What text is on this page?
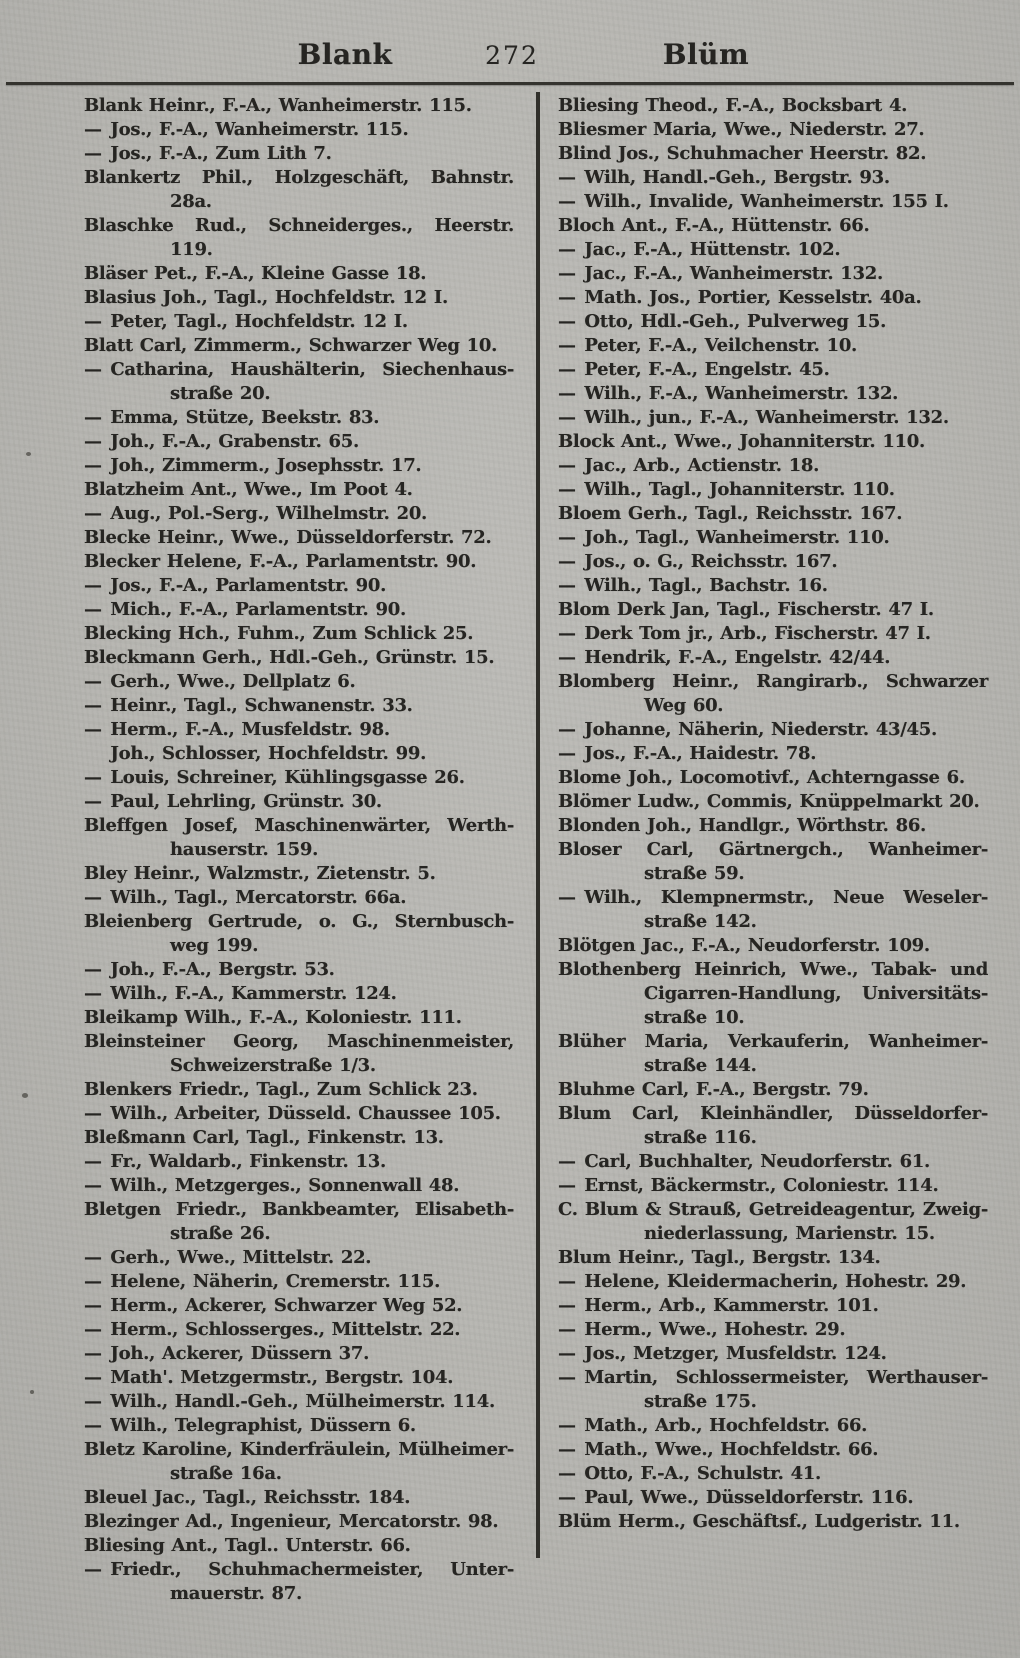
Blank	272	Blüm
Blank Heinr., F.-A., Wanheimerstr. 115.
— Jos., F.-A., Wanheimerstr. 115.
— Jos., F.-A., Zum Lith 7.
Blankertz Phil., Holzgeschäft, Bahnstr. 28a.
Blaschke Rud., Schneiderges., Heerstr. 119.
Bläser Pet., F.-A., Kleine Gasse 18.
Blasius Joh., Tagl., Hochfeldstr. 12 I.
— Peter, Tagl., Hochfeldstr. 12 I.
Blatt Carl, Zimmerm., Schwarzer Weg 10.
— Catharina, Haushälterin, Siechenhaus-straße 20.
— Emma, Stütze, Beekstr. 83.
— Joh., F.-A., Grabenstr. 65.
— Joh., Zimmerm., Josephsstr. 17.
Blatzheim Ant., Wwe., Im Poot 4.
— Aug., Pol.-Serg., Wilhelmstr. 20.
Blecke Heinr., Wwe., Düsseldorferstr. 72.
Blecker Helene, F.-A., Parlamentstr. 90.
— Jos., F.-A., Parlamentstr. 90.
— Mich., F.-A., Parlamentstr. 90.
Blecking Hch., Fuhm., Zum Schlick 25.
Bleckmann Gerh., Hdl.-Geh., Grünstr. 15.
— Gerh., Wwe., Dellplatz 6.
— Heinr., Tagl., Schwanenstr. 33.
— Herm., F.-A., Musfeldstr. 98.
  Joh., Schlosser, Hochfeldstr. 99.
— Louis, Schreiner, Kühlingsgasse 26.
— Paul, Lehrling, Grünstr. 30.
Bleffgen Josef, Maschinenwärter, Werth-hauserstr. 159.
Bley Heinr., Walzmstr., Zietenstr. 5.
— Wilh., Tagl., Mercatorstr. 66a.
Bleienberg Gertrude, o. G., Sternbusch-weg 199.
— Joh., F.-A., Bergstr. 53.
— Wilh., F.-A., Kammerstr. 124.
Bleikamp Wilh., F.-A., Koloniestr. 111.
Bleinsteiner Georg, Maschinenmeister, Schweizerstraße 1/3.
Blenkers Friedr., Tagl., Zum Schlick 23.
— Wilh., Arbeiter, Düsseld. Chaussee 105.
Bleßmann Carl, Tagl., Finkenstr. 13.
— Fr., Waldarb., Finkenstr. 13.
— Wilh., Metzgerges., Sonnenwall 48.
Bletgen Friedr., Bankbeamter, Elisabeth-straße 26.
— Gerh., Wwe., Mittelstr. 22.
— Helene, Näherin, Cremerstr. 115.
— Herm., Ackerer, Schwarzer Weg 52.
— Herm., Schlosserges., Mittelstr. 22.
— Joh., Ackerer, Düssern 37.
— Math'. Metzgermstr., Bergstr. 104.
— Wilh., Handl.-Geh., Mülheimerstr. 114.
— Wilh., Telegraphist, Düssern 6.
Bletz Karoline, Kinderfräulein, Mülheimer-straße 16a.
Bleuel Jac., Tagl., Reichsstr. 184.
Blezinger Ad., Ingenieur, Mercatorstr. 98.
Bliesing Ant., Tagl.. Unterstr. 66.
— Friedr., Schuhmachermeister, Unter-mauerstr. 87.
Bliesing Theod., F.-A., Bocksbart 4.
Bliesmer Maria, Wwe., Niederstr. 27.
Blind Jos., Schuhmacher Heerstr. 82.
— Wilh, Handl.-Geh., Bergstr. 93.
— Wilh., Invalide, Wanheimerstr. 155 I.
Bloch Ant., F.-A., Hüttenstr. 66.
— Jac., F.-A., Hüttenstr. 102.
— Jac., F.-A., Wanheimerstr. 132.
— Math. Jos., Portier, Kesselstr. 40a.
— Otto, Hdl.-Geh., Pulverweg 15.
— Peter, F.-A., Veilchenstr. 10.
— Peter, F.-A., Engelstr. 45.
— Wilh., F.-A., Wanheimerstr. 132.
— Wilh., jun., F.-A., Wanheimerstr. 132.
Block Ant., Wwe., Johanniterstr. 110.
— Jac., Arb., Actienstr. 18.
— Wilh., Tagl., Johanniterstr. 110.
Bloem Gerh., Tagl., Reichsstr. 167.
— Joh., Tagl., Wanheimerstr. 110.
— Jos., o. G., Reichsstr. 167.
— Wilh., Tagl., Bachstr. 16.
Blom Derk Jan, Tagl., Fischerstr. 47 I.
— Derk Tom jr., Arb., Fischerstr. 47 I.
— Hendrik, F.-A., Engelstr. 42/44.
Blomberg Heinr., Rangirarb., Schwarzer Weg 60.
— Johanne, Näherin, Niederstr. 43/45.
— Jos., F.-A., Haidestr. 78.
Blome Joh., Locomotivf., Achterngasse 6.
Blömer Ludw., Commis, Knüppelmarkt 20.
Blonden Joh., Handlgr., Wörthstr. 86.
Bloser Carl, Gärtnergch., Wanheimer-straße 59.
— Wilh., Klempnermstr., Neue Weseler-straße 142.
Blötgen Jac., F.-A., Neudorferstr. 109.
Blothenberg Heinrich, Wwe., Tabak- und Cigarren-Handlung, Universitäts-straße 10.
Blüher Maria, Verkauferin, Wanheimer-straße 144.
Bluhme Carl, F.-A., Bergstr. 79.
Blum Carl, Kleinhändler, Düsseldorfer-straße 116.
— Carl, Buchhalter, Neudorferstr. 61.
— Ernst, Bäckermstr., Coloniestr. 114.
C. Blum & Strauß, Getreideagentur, Zweig-niederlassung, Marienstr. 15.
Blum Heinr., Tagl., Bergstr. 134.
— Helene, Kleidermacherin, Hohestr. 29.
— Herm., Arb., Kammerstr. 101.
— Herm., Wwe., Hohestr. 29.
— Jos., Metzger, Musfeldstr. 124.
— Martin, Schlossermeister, Werthauser-straße 175.
— Math., Arb., Hochfeldstr. 66.
— Math., Wwe., Hochfeldstr. 66.
— Otto, F.-A., Schulstr. 41.
— Paul, Wwe., Düsseldorferstr. 116.
Blüm Herm., Geschäftsf., Ludgeristr. 11.
